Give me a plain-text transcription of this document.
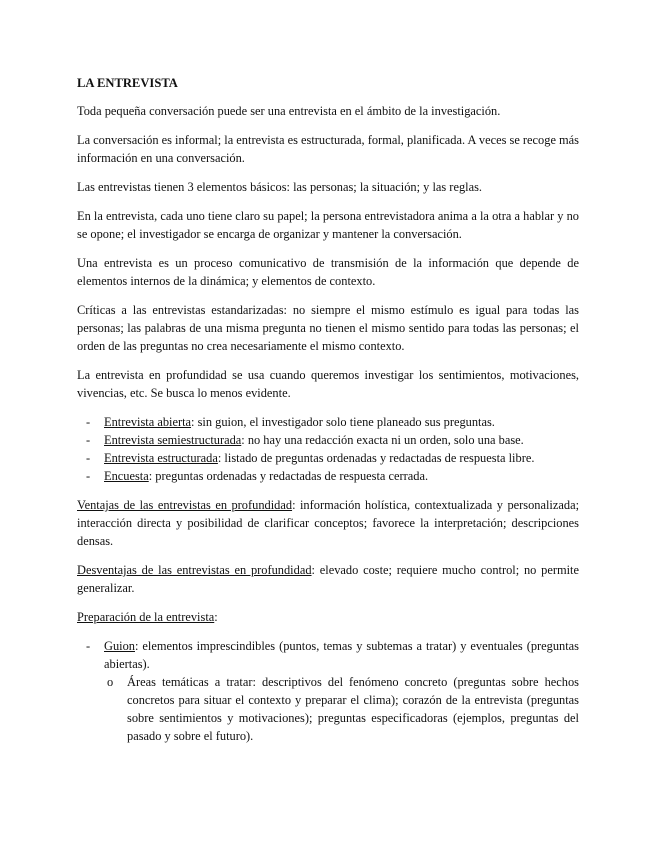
LA ENTREVISTA

Toda pequeña conversación puede ser una entrevista en el ámbito de la investigación.

La conversación es informal; la entrevista es estructurada, formal, planificada. A veces se recoge más información en una conversación.

Las entrevistas tienen 3 elementos básicos: las personas; la situación; y las reglas.

En la entrevista, cada uno tiene claro su papel; la persona entrevistadora anima a la otra a hablar y no se opone; el investigador se encarga de organizar y mantener la conversación.

Una entrevista es un proceso comunicativo de transmisión de la información que depende de elementos internos de la dinámica; y elementos de contexto.

Críticas a las entrevistas estandarizadas: no siempre el mismo estímulo es igual para todas las personas; las palabras de una misma pregunta no tienen el mismo sentido para todas las personas; el orden de las preguntas no crea necesariamente el mismo contexto.

La entrevista en profundidad se usa cuando queremos investigar los sentimientos, motivaciones, vivencias, etc. Se busca lo menos evidente.

- Entrevista abierta: sin guion, el investigador solo tiene planeado sus preguntas.
- Entrevista semiestructurada: no hay una redacción exacta ni un orden, solo una base.
- Entrevista estructurada: listado de preguntas ordenadas y redactadas de respuesta libre.
- Encuesta: preguntas ordenadas y redactadas de respuesta cerrada.

Ventajas de las entrevistas en profundidad: información holística, contextualizada y personalizada; interacción directa y posibilidad de clarificar conceptos; favorece la interpretación; descripciones densas.

Desventajas de las entrevistas en profundidad: elevado coste; requiere mucho control; no permite generalizar.

Preparación de la entrevista:

- Guion: elementos imprescindibles (puntos, temas y subtemas a tratar) y eventuales (preguntas abiertas).
o Áreas temáticas a tratar: descriptivos del fenómeno concreto (preguntas sobre hechos concretos para situar el contexto y preparar el clima); corazón de la entrevista (preguntas sobre sentimientos y motivaciones); preguntas especificadoras (ejemplos, preguntas del pasado y sobre el futuro).
